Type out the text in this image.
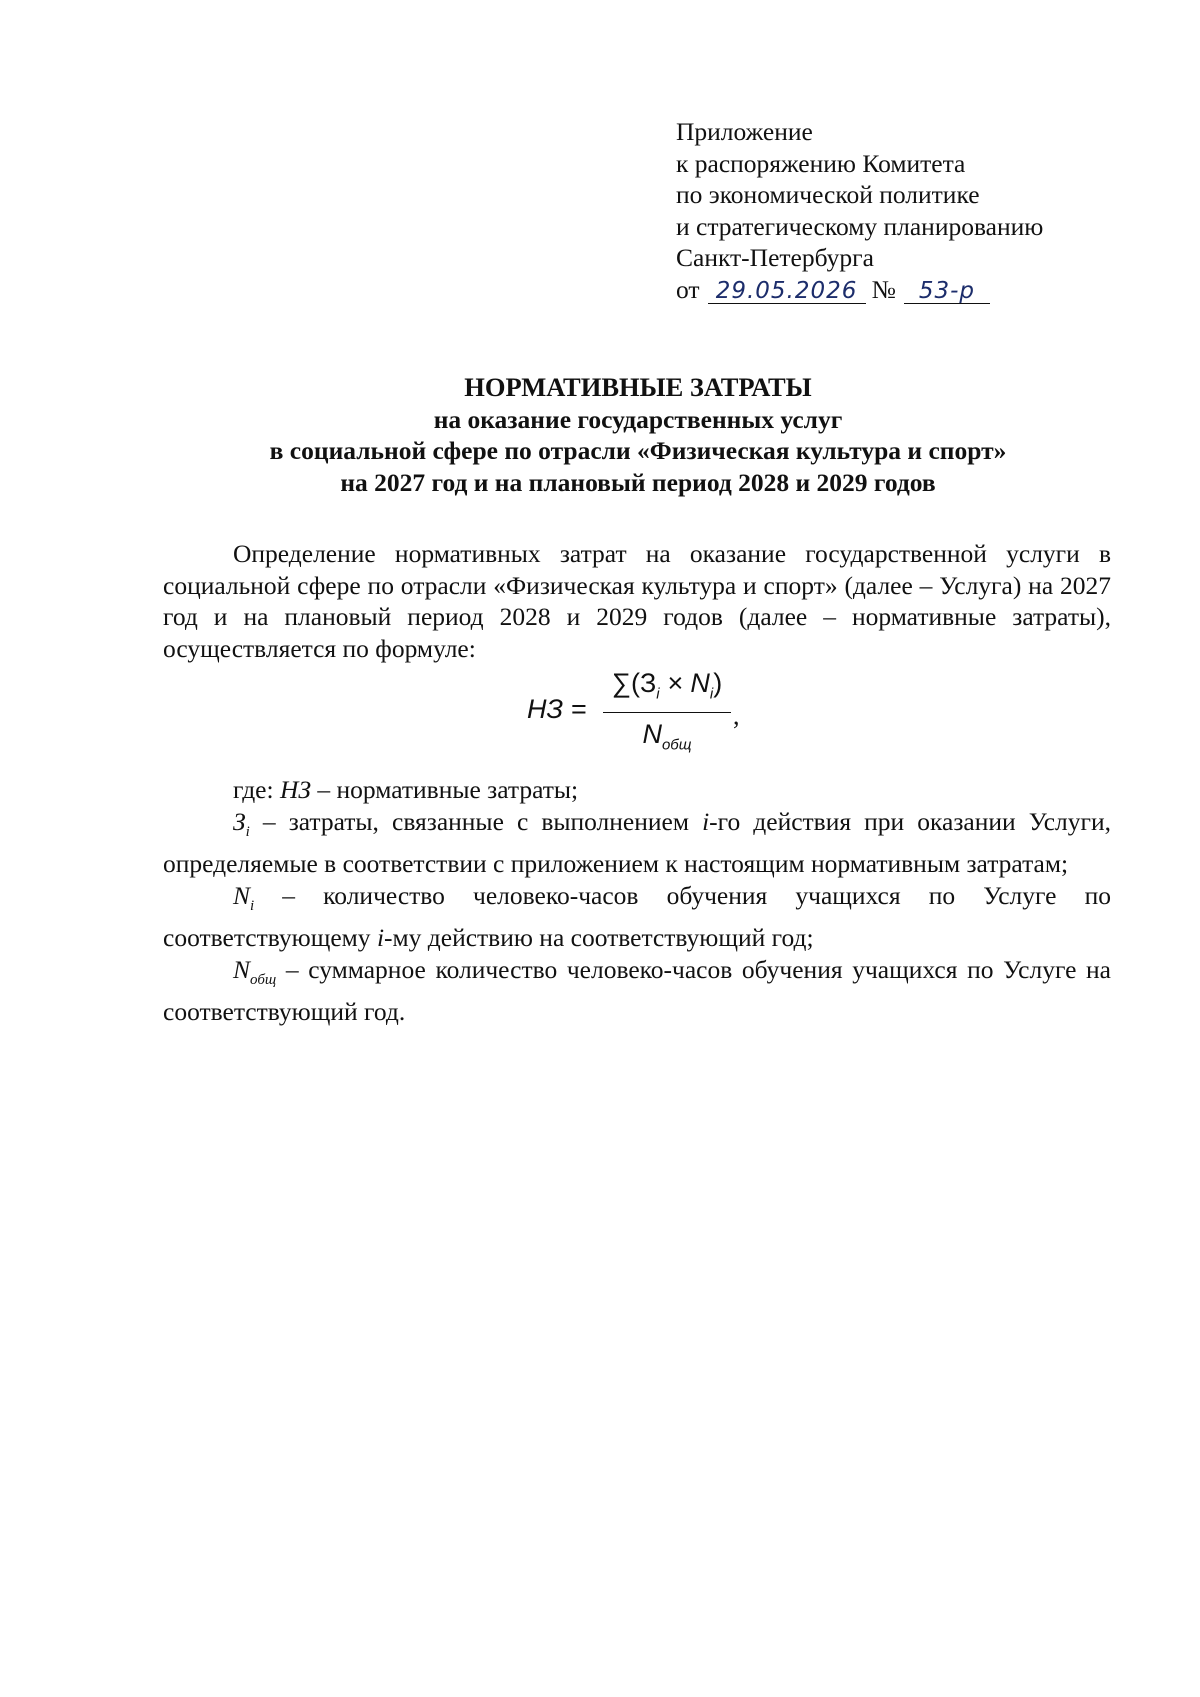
Приложение
к распоряжению Комитета
по экономической политике
и стратегическому планированию
Санкт-Петербурга
от 29.05.2026 № 53-р
НОРМАТИВНЫЕ ЗАТРАТЫ
на оказание государственных услуг
в социальной сфере по отрасли «Физическая культура и спорт»
на 2027 год и на плановый период 2028 и 2029 годов
Определение нормативных затрат на оказание государственной услуги в социальной сфере по отрасли «Физическая культура и спорт» (далее – Услуга) на 2027 год и на плановый период 2028 и 2029 годов (далее – нормативные затраты), осуществляется по формуле:
НЗ =
$\sum(З_i \times N_i)$
$N_{общ}$
,
где: НЗ – нормативные затраты;
$З_i$ – затраты, связанные с выполнением i-го действия при оказании Услуги, определяемые в соответствии с приложением к настоящим нормативным затратам;
$N_i$ – количество человеко-часов обучения учащихся по Услуге по соответствующему i-му действию на соответствующий год;
$N_{общ}$ – суммарное количество человеко-часов обучения учащихся по Услуге на соответствующий год.
